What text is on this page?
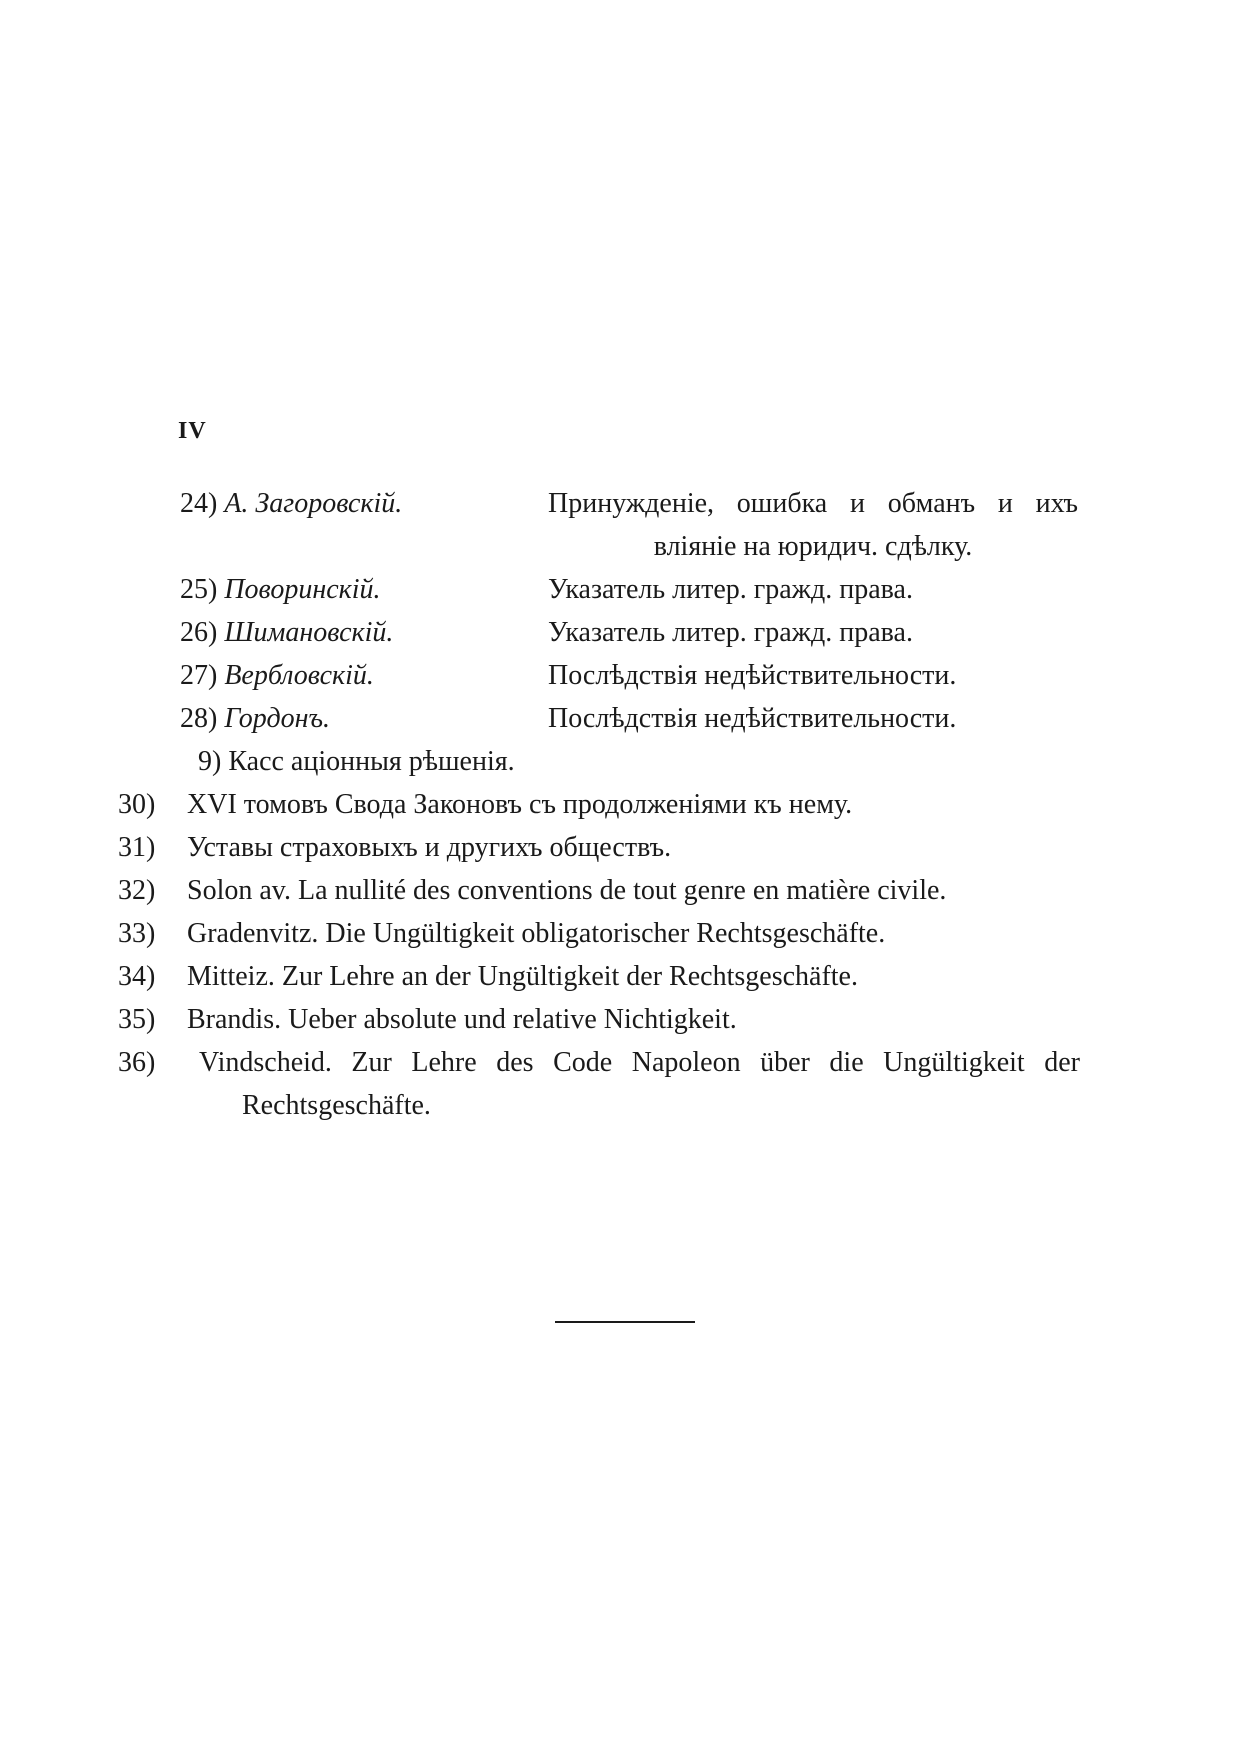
IV
24) А. Загоровскій.	Принужденіе, ошибка и обманъ и ихъ вліяніе на юридич. сдѣлку.
25) Поворинскій.	Указатель литер. гражд. права.
26) Шимановскій.	Указатель литер. гражд. права.
27) Вербловскій.	Послѣдствія недѣйствительности.
28) Гордонъ.	Послѣдствія недѣйствительности.
9) Касс аціонныя рѣшенія.
30) XVI томовъ Свода Законовъ съ продолженіями къ нему.
31) Уставы страховыхъ и другихъ обществъ.
32) Solon av. La nullité des conventions de tout genre en matière civile.
33) Gradenvitz. Die Ungültigkeit obligatorischer Rechtsgeschäfte.
34) Mitteiz. Zur Lehre an der Ungültigkeit der Rechtsgeschäfte.
35) Brandis. Ueber absolute und relative Nichtigkeit.
36) Vindscheid. Zur Lehre des Code Napoleon über die Ungültigkeit der Rechtsgeschäfte.
